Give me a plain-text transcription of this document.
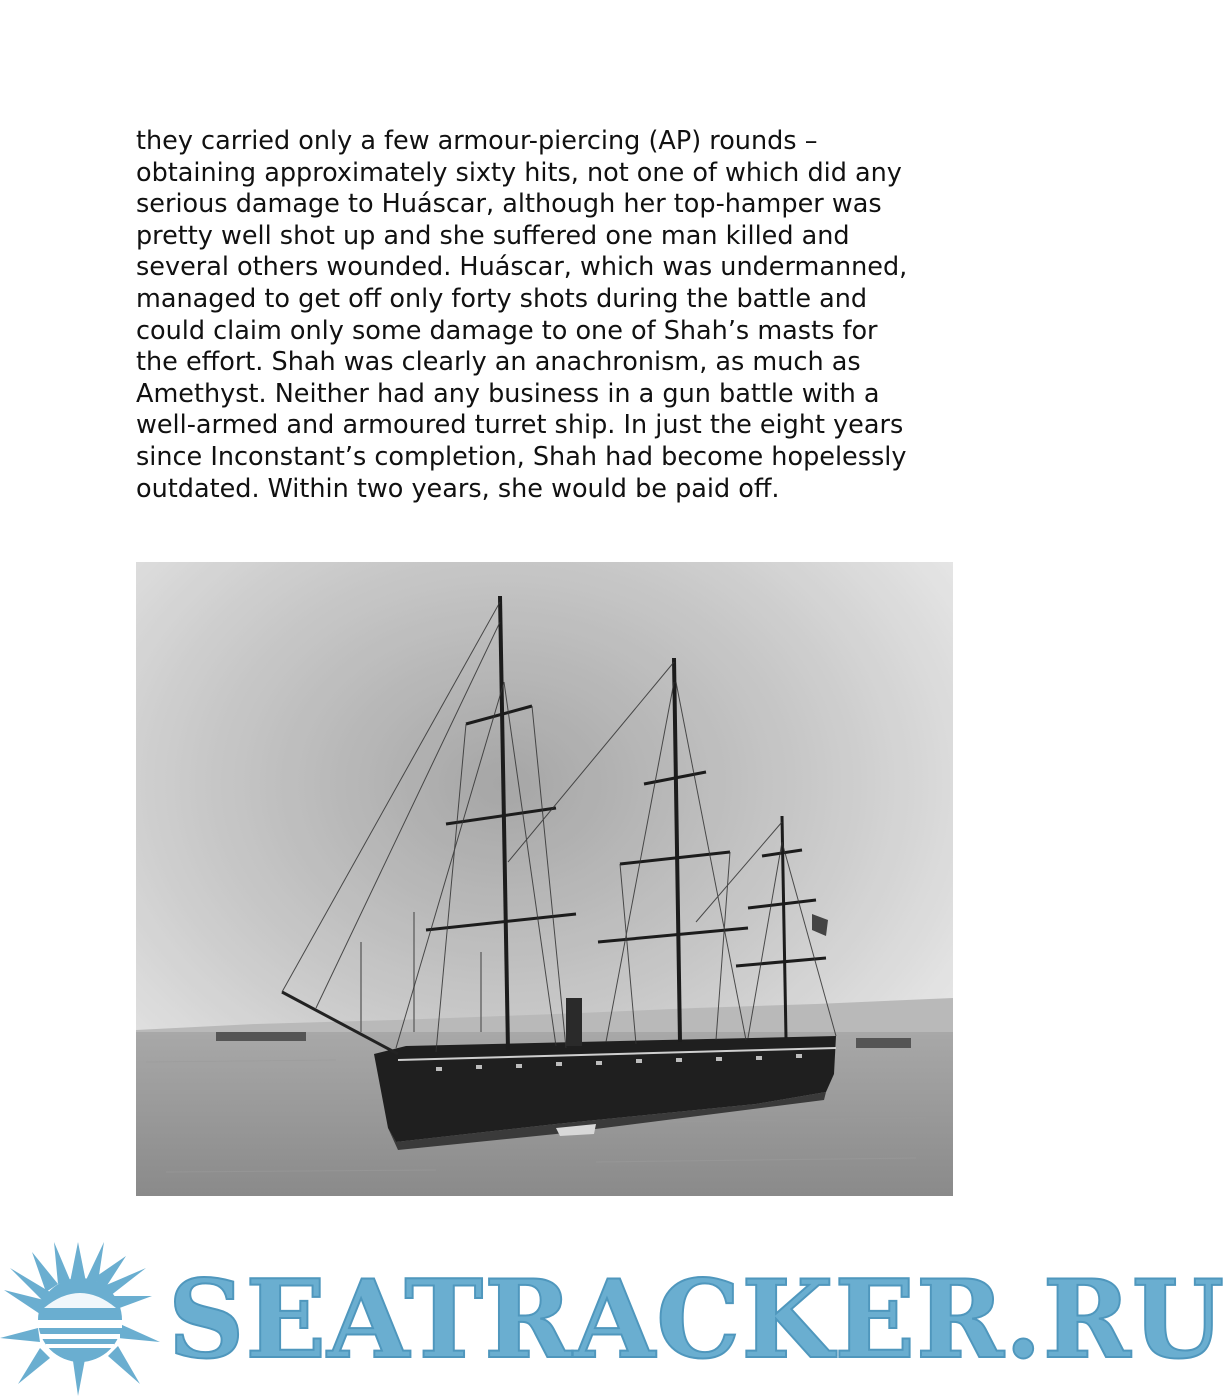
they carried only a few armour-piercing (AP) rounds –
obtaining approximately sixty hits, not one of which did any
serious damage to Huáscar, although her top-hamper was
pretty well shot up and she suffered one man killed and
several others wounded. Huáscar, which was undermanned,
managed to get off only forty shots during the battle and
could claim only some damage to one of Shah’s masts for
the effort. Shah was clearly an anachronism, as much as
Amethyst. Neither had any business in a gun battle with a
well-armed and armoured turret ship. In just the eight years
since Inconstant’s completion, Shah had become hopelessly
outdated. Within two years, she would be paid off.
SEATRACKER.RU
